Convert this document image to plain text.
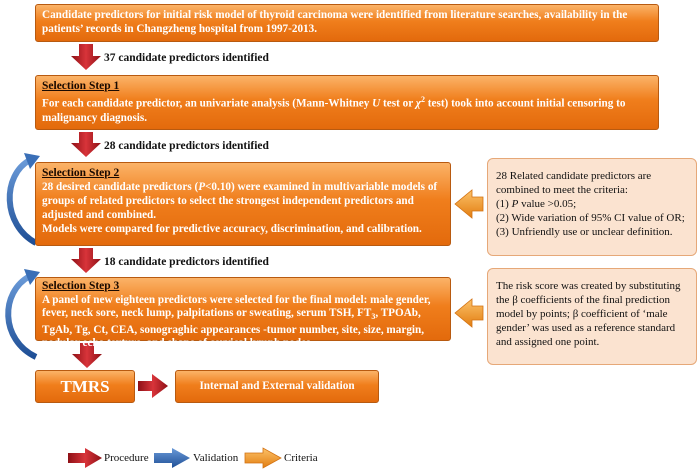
Candidate predictors for initial risk model of thyroid carcinoma were identified from literature searches, availability in the patients’ records in Changzheng hospital from 1997-2013.
37 candidate predictors identified
Selection Step 1
For each candidate predictor, an univariate analysis (Mann-Whitney U test or $\chi^2$ test) took into account initial censoring to malignancy diagnosis.
28 candidate predictors identified
Selection Step 2
28 desired candidate predictors (P<0.10) were examined in multivariable models of groups of related predictors to select the strongest independent predictors and adjusted and combined.
Models were compared for predictive accuracy, discrimination, and calibration.
28 Related candidate predictors are combined to meet the criteria:
(1) P value >0.05;
(2) Wide variation of 95% CI value of OR;
(3) Unfriendly use or unclear definition.
18 candidate predictors identified
Selection Step 3
A panel of new eighteen predictors were selected for the final model: male gender, fever, neck sore, neck lump, palpitations or sweating, serum TSH, $FT_3$, TPOAb, TgAb, Tg, Ct, CEA, sonograghic appearances -tumor number, site, size, margin, nodular echo texture, and shape of cervical lymph nodes.
The risk score was created by substituting the β coefficients of the final prediction model by points; β coefficient of ‘male gender’ was used as a reference standard and assigned one point.
TMRS	Internal and External validation
Procedure	Validation	Criteria
